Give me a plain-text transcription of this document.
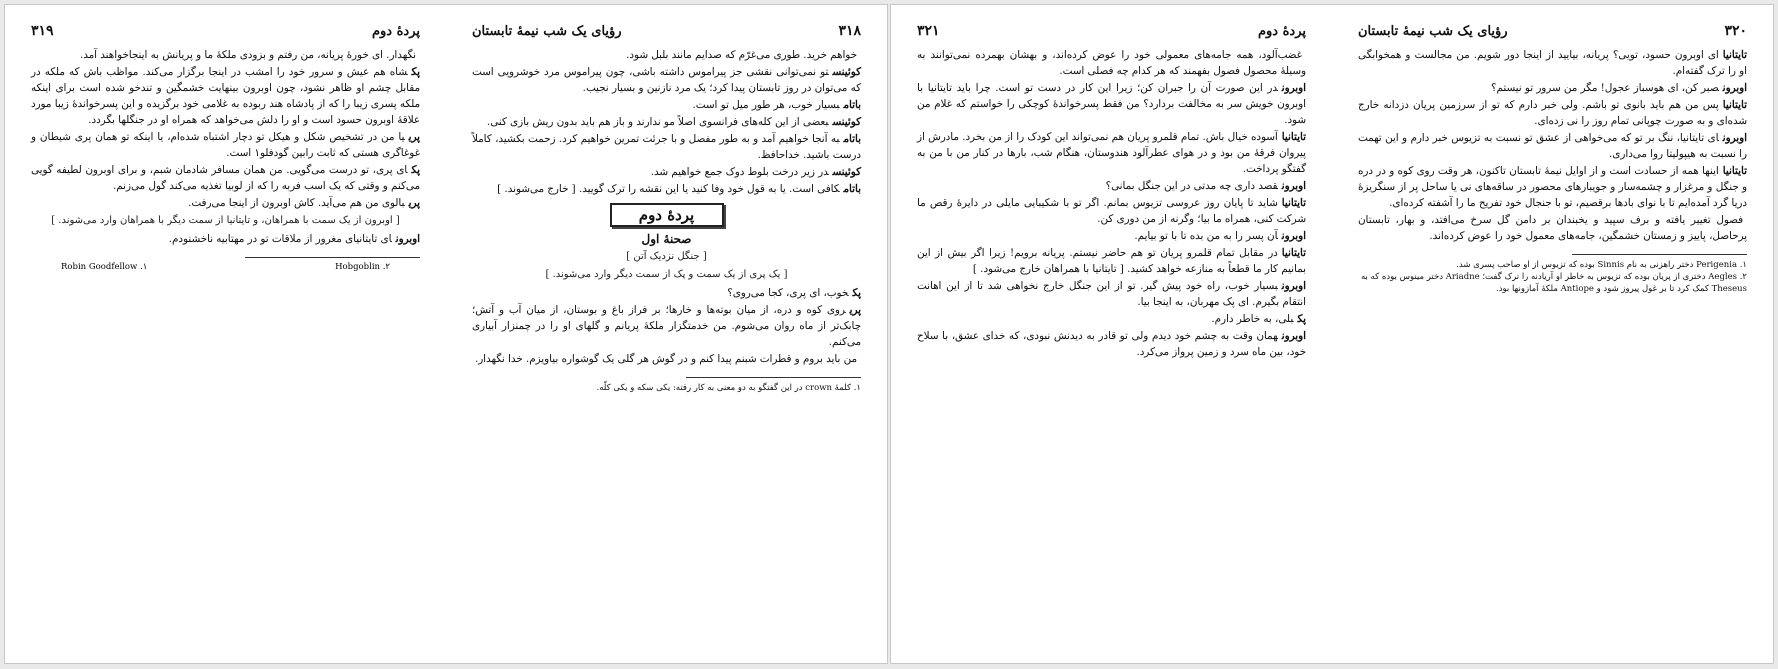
پردهٔ دوم
۳۱۹

نگهدار. ای خورهٔ پریانه، من رفتم و بزودی ملکهٔ ما و پریانش به اینجاخواهند آمد.

پکشاه هم عیش و سرور خود را امشب در اینجا برگزار می‌کند. مواظب باش که ملکه در مقابل چشم او ظاهر نشود، چون اوبرون بینهایت خشمگین و تندخو شده است برای اینکه ملکه پسری زیبا را که از پادشاه هند ربوده به غلامی خود برگزیده و این پسرخواندهٔ زیبا مورد علاقهٔ اوبرون حسود است و او را دلش می‌خواهد که همراه او در جنگلها بگردد.

پرییا من در تشخیص شکل و هیکل تو دچار اشتباه شده‌ام، یا اینکه تو همان پری شیطان و غوغاگری هستی که ثابت رابین گودفلو۱ است.

پکای پری، تو درست می‌گویی. من همان مسافر شادمان شبم، و برای اوبرون لطیفه گویی می‌کنم و وقتی که یک اسب فربه را که از لوبیا تغذیه می‌کند گول می‌زنم.

پریبالوی من هم می‌آید. کاش اوبرون از اینجا می‌رفت.

[ اوبرون از یک سمت با همراهان، و تایتانیا از سمت دیگر با همراهان وارد می‌شوند. ]

اوبرونای تایتانیای مغرور از ملاقات تو در مهتابیه ناخشنودم.

Robin Goodfellow .۱	Hobgoblin .۲
۳۱۸
رؤیای یک شب نیمهٔ تابستان

خواهم خرید. طوری می‌غرّم که صدایم مانند بلبل شود.

کوئینستو نمی‌توانی نقشی جز پیراموس داشته باشی، چون پیراموس مرد خوشرویی است که می‌توان در روز تابستان پیدا کرد؛ یک مرد نازنین و بسیار نجیب.

باتامبسیار خوب، هر طور میل تو است.

کوئینسبعضی از این کله‌های فرانسوی اصلاً مو ندارند و باز هم باید بدون ریش بازی کنی.

باتامبه آنجا خواهیم آمد و به طور مفصل و با جرئت تمرین خواهیم کرد. زحمت بکشید، کاملاً درست باشید. خداحافظ.

کوئینسدر زیر درخت بلوط دوک جمع خواهیم شد.

باتامکافی است. یا به قول خود وفا کنید یا این نقشه را ترک گویید. [ خارج می‌شوند. ]

پردهٔ دوم
صحنهٔ اول

[ جنگل نزدیک آتن ]

[ یک پری از یک سمت و پک از سمت دیگر وارد می‌شوند. ]

پکخوب، ای پری، کجا می‌روی؟

پریروی کوه و دره، از میان بوته‌ها و خارها؛ بر فراز باغ و بوستان، از میان آب و آتش؛ چابک‌تر از ماه روان می‌شوم. من خدمتگزار ملکهٔ پریانم و گلهای او را در چمنزار آبیاری می‌کنم.

من باید بروم و قطرات شبنم پیدا کنم و در گوش هر گلی یک گوشواره بیاویزم. خدا نگهدار.

۱. کلمهٔ crown در این گفتگو به دو معنی به کار رفته: یکی سکه و یکی کلّه.
پردهٔ دوم
۳۲۱

غضب‌آلود، همه جامه‌های معمولی خود را عوض کرده‌اند، و بهشان بهمرده نمی‌توانند به وسیلهٔ محصول فصول بفهمند که هر کدام چه فصلی است.

اوبروندر این صورت آن را جبران کن؛ زیرا این کار در دست تو است. چرا باید تایتانیا با اوبرون خویش سر به مخالفت بردارد؟ من فقط پسرخواندهٔ کوچکی را خواستم که غلام من شود.

تایتانیاآسوده خیال باش. تمام قلمرو پریان هم نمی‌تواند این کودک را از من بخرد. مادرش از پیروان فرقهٔ من بود و در هوای عطرآلود هندوستان، هنگام شب، بارها در کنار من با من به گفتگو پرداخت.

اوبرونقصد داری چه مدتی در این جنگل بمانی؟

تایتانیاشاید تا پایان روز عروسی تزیوس بمانم. اگر تو با شکیبایی مایلی در دایرهٔ رقص ما شرکت کنی، همراه ما بیا؛ وگرنه از من دوری کن.

اوبرونآن پسر را به من بده تا با تو بیایم.

تایتانیادر مقابل تمام قلمرو پریان تو هم حاضر نیستم. پریانه برویم! زیرا اگر بیش از این بمانیم کار ما قطعاً به منازعه خواهد کشید. [ تایتانیا با همراهان خارج می‌شود. ]

اوبرونبسیار خوب، راه خود پیش گیر. تو از این جنگل خارج نخواهی شد تا از این اهانت انتقام بگیرم. ای پک مهربان، به اینجا بیا.

پکبلی، به خاطر دارم.

اوبرونهمان وقت به چشم خود دیدم ولی تو قادر به دیدنش نبودی، که خدای عشق، با سلاح خود، بین ماه سرد و زمین پرواز می‌کرد.

۳۲۰
رؤیای یک شب نیمهٔ تابستان

تایتانیاای اوبرون حسود، تویی؟ پریانه، بیایید از اینجا دور شویم. من مجالست و همخوابگی او را ترک گفته‌ام.

اوبرونصبر کن، ای هوسباز عجول! مگر من سرور تو نیستم؟

تایتانیاپس من هم باید بانوی تو باشم. ولی خبر دارم که تو از سرزمین پریان دزدانه خارج شده‌ای و به صورت چوپانی تمام روز را نی زده‌ای.

اوبرونای تایتانیا، ننگ بر تو که می‌خواهی از عشق تو نسبت به تزیوس خبر دارم و این تهمت را نسبت به هیپولیتا روا می‌داری.

تایتانیااینها همه از حسادت است و از اوایل نیمهٔ تابستان تاکنون، هر وقت روی کوه و در دره و جنگل و مرغزار و چشمه‌سار و جویبارهای محصور در ساقه‌های نی یا ساحل پر از سنگریزهٔ دریا گرد آمده‌ایم تا با نوای بادها برقصیم، تو با جنجال خود تفریح ما را آشفته کرده‌ای.

فصول تغییر یافته و برف سپید و یخبندان بر دامن گل سرخ می‌افتد، و بهار، تابستان پرحاصل، پاییز و زمستان خشمگین، جامه‌های معمول خود را عوض کرده‌اند.

۱. Perigenia دختر راهزنی به نام Sinnis بوده که تزیوس از او صاحب پسری شد.
۲. Aegles دختری از پریان بوده که تزیوس به خاطر او آریادنه را ترک گفت؛ Ariadne دختر مینوس بوده که به Theseus کمک کرد تا بر غول پیروز شود و Antiope ملکهٔ آمازونها بود.
